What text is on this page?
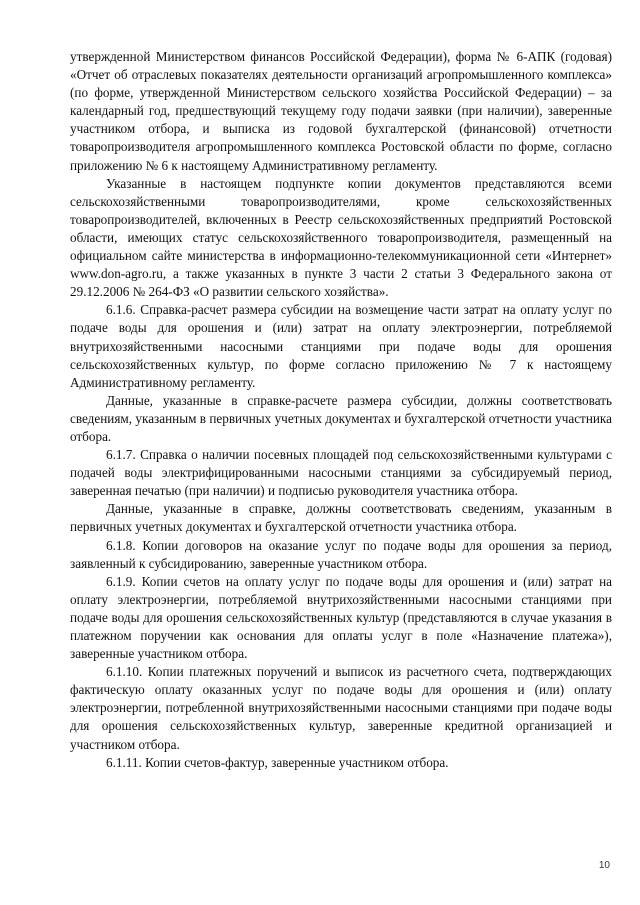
утвержденной Министерством финансов Российской Федерации), форма № 6-АПК (годовая) «Отчет об отраслевых показателях деятельности организаций агропромышленного комплекса» (по форме, утвержденной Министерством сельского хозяйства Российской Федерации) – за календарный год, предшествующий текущему году подачи заявки (при наличии), заверенные участником отбора, и выписка из годовой бухгалтерской (финансовой) отчетности товаропроизводителя агропромышленного комплекса Ростовской области по форме, согласно приложению № 6 к настоящему Административному регламенту.

Указанные в настоящем подпункте копии документов представляются всеми сельскохозяйственными товаропроизводителями, кроме сельскохозяйственных товаропроизводителей, включенных в Реестр сельскохозяйственных предприятий Ростовской области, имеющих статус сельскохозяйственного товаропроизводителя, размещенный на официальном сайте министерства в информационно-телекоммуникационной сети «Интернет» www.don-agro.ru, а также указанных в пункте 3 части 2 статьи 3 Федерального закона от 29.12.2006 № 264-ФЗ «О развитии сельского хозяйства».

6.1.6. Справка-расчет размера субсидии на возмещение части затрат на оплату услуг по подаче воды для орошения и (или) затрат на оплату электроэнергии, потребляемой внутрихозяйственными насосными станциями при подаче воды для орошения сельскохозяйственных культур, по форме согласно приложению № 7 к настоящему Административному регламенту.

Данные, указанные в справке-расчете размера субсидии, должны соответствовать сведениям, указанным в первичных учетных документах и бухгалтерской отчетности участника отбора.

6.1.7. Справка о наличии посевных площадей под сельскохозяйственными культурами с подачей воды электрифицированными насосными станциями за субсидируемый период, заверенная печатью (при наличии) и подписью руководителя участника отбора.

Данные, указанные в справке, должны соответствовать сведениям, указанным в первичных учетных документах и бухгалтерской отчетности участника отбора.

6.1.8. Копии договоров на оказание услуг по подаче воды для орошения за период, заявленный к субсидированию, заверенные участником отбора.

6.1.9. Копии счетов на оплату услуг по подаче воды для орошения и (или) затрат на оплату электроэнергии, потребляемой внутрихозяйственными насосными станциями при подаче воды для орошения сельскохозяйственных культур (представляются в случае указания в платежном поручении как основания для оплаты услуг в поле «Назначение платежа»), заверенные участником отбора.

6.1.10. Копии платежных поручений и выписок из расчетного счета, подтверждающих фактическую оплату оказанных услуг по подаче воды для орошения и (или) оплату электроэнергии, потребленной внутрихозяйственными насосными станциями при подаче воды для орошения сельскохозяйственных культур, заверенные кредитной организацией и участником отбора.

6.1.11. Копии счетов-фактур, заверенные участником отбора.

10
